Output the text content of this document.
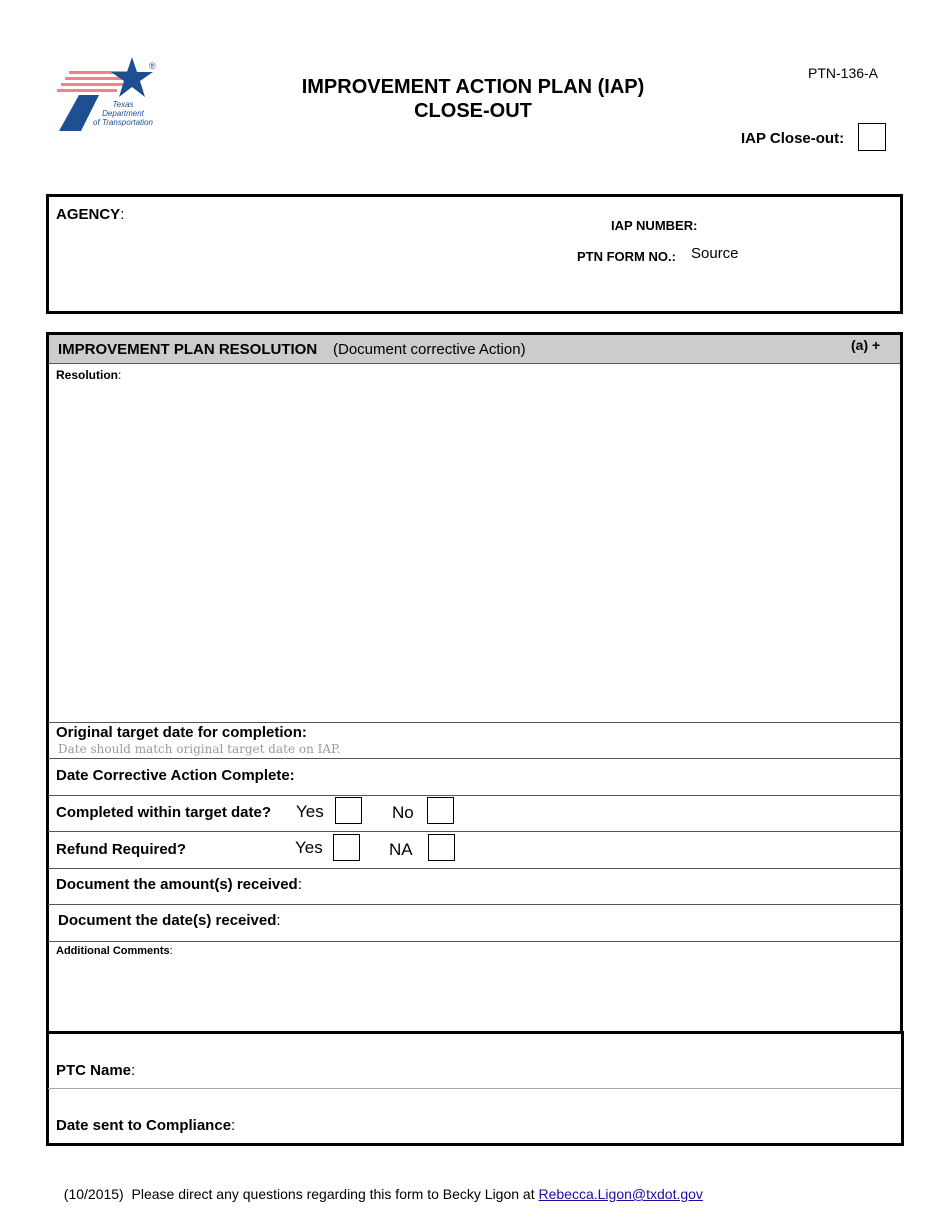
®
Texas
Department
of Transportation
IMPROVEMENT ACTION PLAN (IAP)
CLOSE-OUT
PTN-136-A
IAP Close-out:
AGENCY:
IAP NUMBER:
PTN FORM NO.: Source
IMPROVEMENT PLAN RESOLUTION (Document corrective Action)	(a) +
Resolution:
Original target date for completion:
Date should match original target date on IAP.
Date Corrective Action Complete:
Completed within target date? Yes	No
Refund Required?	Yes	NA
Document the amount(s) received:
Document the date(s) received:
Additional Comments:
PTC Name:
Date sent to Compliance:

(10/2015)  Please direct any questions regarding this form to Becky Ligon at Rebecca.Ligon@txdot.gov
